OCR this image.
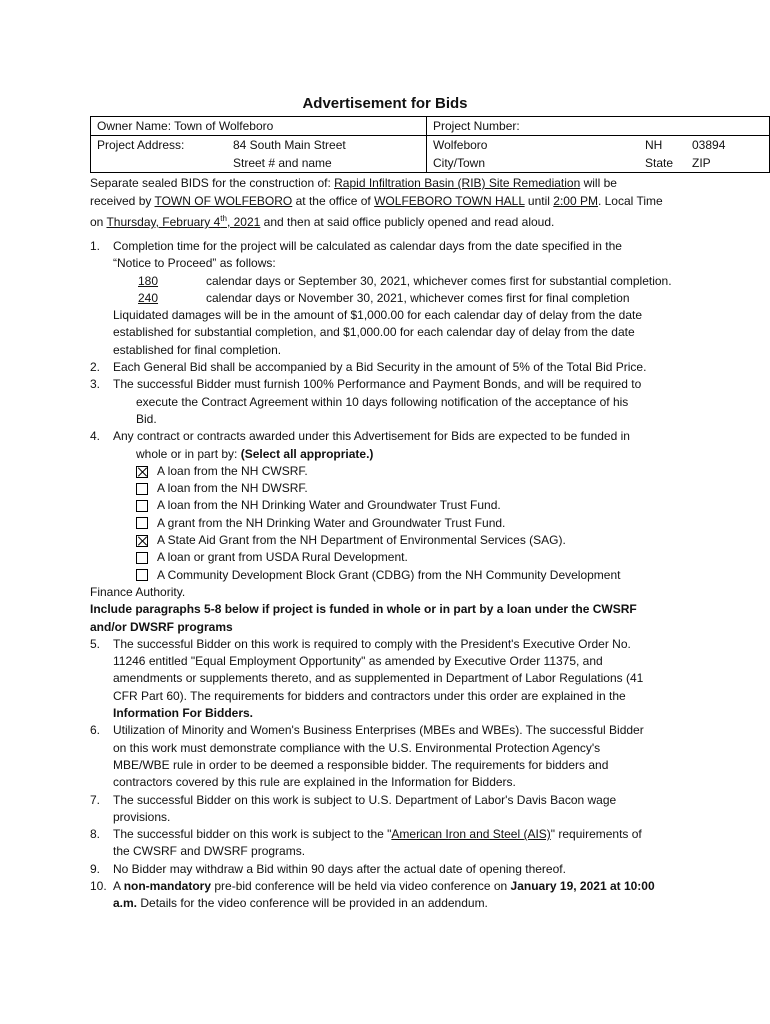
Advertisement for Bids
Owner Name: Town of Wolfeboro		Project Number:		
Project Address:	84 South Main Street	Wolfeboro	NH	03894
	Street # and name	City/Town	State	ZIP
Separate sealed BIDS for the construction of: Rapid Infiltration Basin (RIB) Site Remediation will be
received by TOWN OF WOLFEBORO at the office of WOLFEBORO TOWN HALL until 2:00 PM. Local Time
on Thursday, February 4th, 2021 and then at said office publicly opened and read aloud.
1. Completion time for the project will be calculated as calendar days from the date specified in the
“Notice to Proceed” as follows:
180	calendar days or September 30, 2021, whichever comes first for substantial completion.
240	calendar days or November 30, 2021, whichever comes first for final completion
Liquidated damages will be in the amount of $1,000.00 for each calendar day of delay from the date
established for substantial completion, and $1,000.00 for each calendar day of delay from the date
established for final completion.
2. Each General Bid shall be accompanied by a Bid Security in the amount of 5% of the Total Bid Price.
3. The successful Bidder must furnish 100% Performance and Payment Bonds, and will be required to
execute the Contract Agreement within 10 days following notification of the acceptance of his
Bid.
4. Any contract or contracts awarded under this Advertisement for Bids are expected to be funded in
whole or in part by: (Select all appropriate.)
A loan from the NH CWSRF.
A loan from the NH DWSRF.
A loan from the NH Drinking Water and Groundwater Trust Fund.
A grant from the NH Drinking Water and Groundwater Trust Fund.
A State Aid Grant from the NH Department of Environmental Services (SAG).
A loan or grant from USDA Rural Development.
A Community Development Block Grant (CDBG) from the NH Community Development
Finance Authority.
Include paragraphs 5-8 below if project is funded in whole or in part by a loan under the CWSRF
and/or DWSRF programs
5. The successful Bidder on this work is required to comply with the President's Executive Order No.
11246 entitled "Equal Employment Opportunity" as amended by Executive Order 11375, and
amendments or supplements thereto, and as supplemented in Department of Labor Regulations (41
CFR Part 60). The requirements for bidders and contractors under this order are explained in the
Information For Bidders.
6. Utilization of Minority and Women's Business Enterprises (MBEs and WBEs). The successful Bidder
on this work must demonstrate compliance with the U.S. Environmental Protection Agency's
MBE/WBE rule in order to be deemed a responsible bidder. The requirements for bidders and
contractors covered by this rule are explained in the Information for Bidders.
7. The successful Bidder on this work is subject to U.S. Department of Labor's Davis Bacon wage
provisions.
8. The successful bidder on this work is subject to the "American Iron and Steel (AIS)" requirements of
the CWSRF and DWSRF programs.
9. No Bidder may withdraw a Bid within 90 days after the actual date of opening thereof.
10. A non-mandatory pre-bid conference will be held via video conference on January 19, 2021 at 10:00
a.m. Details for the video conference will be provided in an addendum.
